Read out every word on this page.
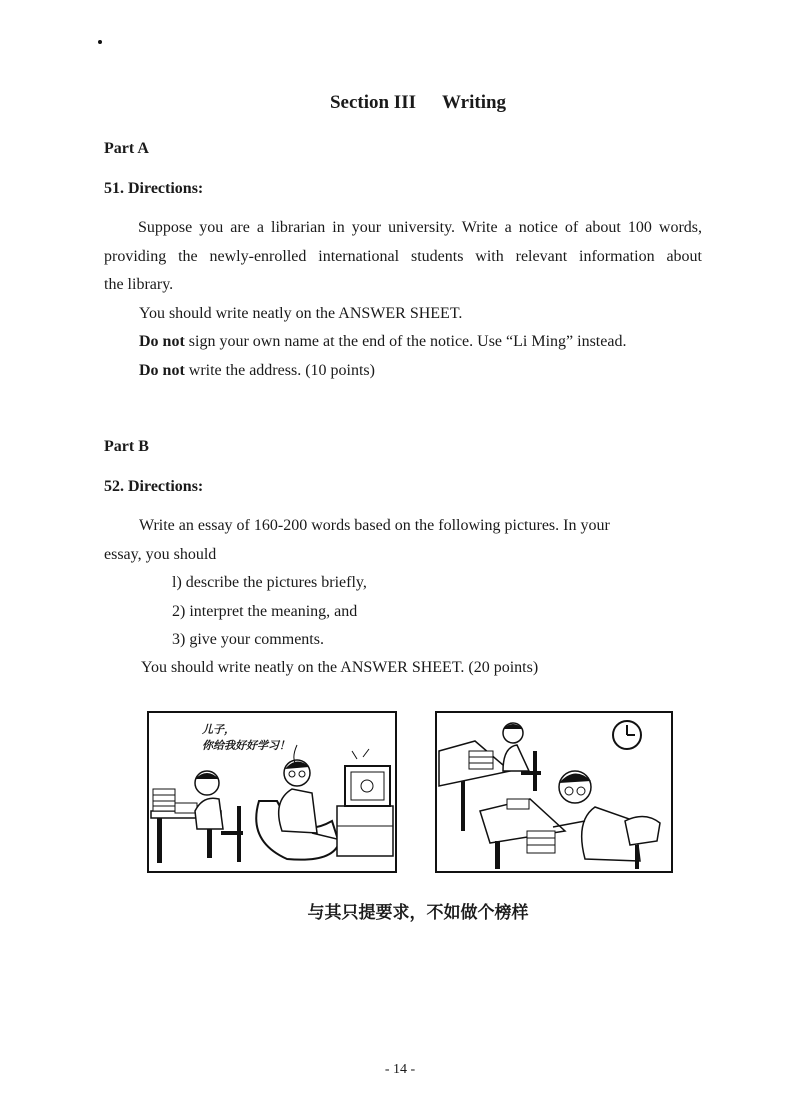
Section III Writing
Part A
51. Directions:
Suppose you are a librarian in your university. Write a notice of about 100 words,
providing the newly-enrolled international students with relevant information about
the library.
You should write neatly on the ANSWER SHEET.
Do not sign your own name at the end of the notice. Use “Li Ming” instead.
Do not write the address. (10 points)
Part B
52. Directions:
Write an essay of 160-200 words based on the following pictures. In your
essay, you should
l) describe the pictures briefly,
2) interpret the meaning, and
3) give your comments.
You should write neatly on the ANSWER SHEET. (20 points)
儿子，
你给我好好学习！
与其只提要求，不如做个榜样
- 14 -
